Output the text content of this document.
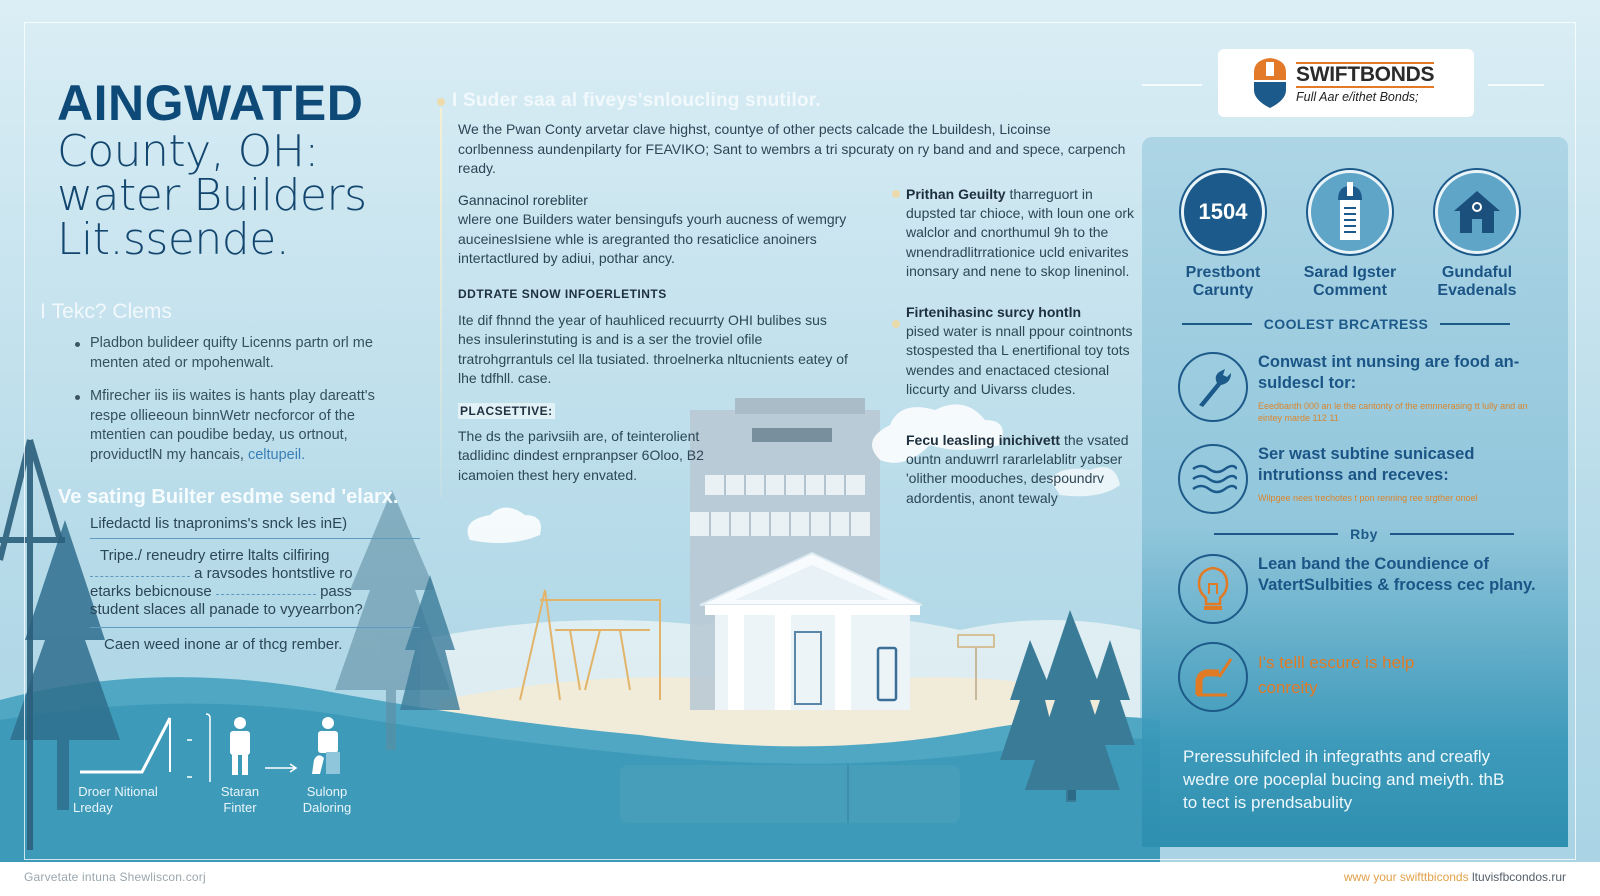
AINGWATED
County, OH:
water Builders
Lit.ssende.
I Tekc? Clems
Pladbon bulideer quifty Licenns partn orl me menten ated or mpohenwalt.
Mfirecher iis iis waites is hants play dareatt's respe ollieeoun binnWetr necforcor of the mtentien can poudibe beday, us ortnout, proviductlN my hancais, celtupeil.
Ve sating Builter esdme send 'elarx.
Lifedactd lis tnapronims's snck les inE)
Tripe./ reneudry etirre ltalts cilfiring
a ravsodes hontstlive ro
etarks bebicnouse	pass
student slaces all panade to vyyearrbon?
Caen weed inone ar of thcg rember.
Droer Nitional
Lreday
Staran
Finter
Sulonp
Daloring
I Suder saa al fiveys'snloucling snutilor.
We the Pwan Conty arvetar clave highst, countye of other pects calcade the Lbuildesh, Licoinse corlbenness aundenpilarty for FEAVIKO; Sant to wembrs a tri spcuraty on ry band and and spece, carpench ready.
Gannacinol rorebliter

wlere one Builders water bensingufs yourh aucness of wemgry auceinesIsiene whle is aregranted tho resaticlice anoiners intertactlured by adiui, pothar ancy.

DDTRATE SNOW INFOERLETINTS

Ite dif fhnnd the year of hauhliced recuurrty OHI bulibes sus hes insulerinstuting is and is a ser the troviel ofile tratrohgrrantuls cel lla tusiated. throelnerka nltucnients eatey of lhe tdfhll. case.

PLACSETTIVE:

The ds the parivsiih are, of teinterolient tadlidinc dindest ernpranpser 6Oloo, B2 icamoien thest hery envated.

Prithan Geuilty tharreguort in dupsted tar chioce, with loun one ork walclor and cnorthumul 9h to the wnendradlitrrationice ucld enivarites inonsary and nene to skop lineninol.
Firtenihasinc surcy hontln
pised water is nnall ppour cointnonts stospested tha L enertifional toy tots wendes and enactaced ctesional liccurty and Uivarss cludes.
Fecu leasling inichivett the vsated ountn anduwrrl rararlelablitr yabser 'olither mooduches, despoundrv adordentis, anont tewaly
SWIFTBONDS
Full Aar e/ithet Bonds;
1504
Prestbont
Carunty
Sarad Igster
Comment
Gundaful
Evadenals
COOLEST BRCATRESS
Conwast int nunsing are food an-suldescl tor:
Eeedbanth 000 an le the cantonty of the emnnerasing tt lully and an eintey marde 112 11
Ser wast subtine sunicased intrutionss and receves:
Wilpgee nees trechotes t pon renning ree srgther onoel
Rby
Lean band the Coundience of VatertSulbities & frocess cec plany.
I's telll escure is help conreity
Preressuhifcled ih infegrathts and creafly wedre ore poceplal bucing and meiyth. thB to tect is prendsabulity
Garvetate intuna Shewliscon.corj	www your swifttbiconds ltuvisfbcondos.rur
